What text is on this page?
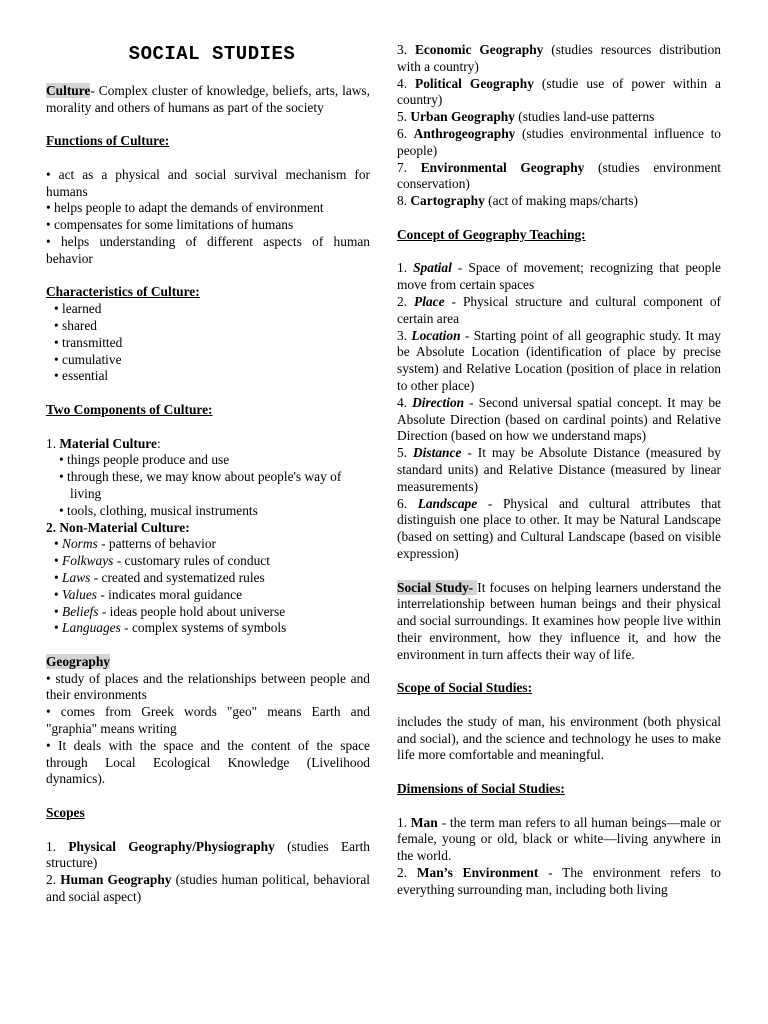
SOCIAL STUDIES

Culture- Complex cluster of knowledge, beliefs, arts, laws, morality and others of humans as part of the society

Functions of Culture:

• act as a physical and social survival mechanism for humans

• helps people to adapt the demands of environment

• compensates for some limitations of humans

• helps understanding of different aspects of human behavior

Characteristics of Culture:

• learned

• shared

• transmitted

• cumulative

• essential

Two Components of Culture:

1. Material Culture:

• things people produce and use

• through these, we may know about people's way of living

• tools, clothing, musical instruments

2. Non-Material Culture:

• Norms - patterns of behavior

• Folkways - customary rules of conduct

• Laws - created and systematized rules

• Values - indicates moral guidance

• Beliefs - ideas people hold about universe

• Languages - complex systems of symbols

Geography

• study of places and the relationships between people and their environments

• comes from Greek words "geo" means Earth and "graphia" means writing

• It deals with the space and the content of the space through Local Ecological Knowledge (Livelihood dynamics).

Scopes

1. Physical Geography/Physiography (studies Earth structure)

2. Human Geography (studies human political, behavioral and social aspect)

3. Economic Geography (studies resources distribution with a country)

4. Political Geography (studie use of power within a country)

5. Urban Geography (studies land-use patterns

6. Anthrogeography (studies environmental influence to people)

7. Environmental Geography (studies environment conservation)

8. Cartography (act of making maps/charts)

Concept of Geography Teaching:

1. Spatial - Space of movement; recognizing that people move from certain spaces

2. Place - Physical structure and cultural component of certain area

3. Location - Starting point of all geographic study. It may be Absolute Location (identification of place by precise system) and Relative Location (position of place in relation to other place)

4. Direction - Second universal spatial concept. It may be Absolute Direction (based on cardinal points) and Relative Direction (based on how we understand maps)

5. Distance - It may be Absolute Distance (measured by standard units) and Relative Distance (measured by linear measurements)

6. Landscape - Physical and cultural attributes that distinguish one place to other. It may be Natural Landscape (based on setting) and Cultural Landscape (based on visible expression)

Social Study- It focuses on helping learners understand the interrelationship between human beings and their physical and social surroundings. It examines how people live within their environment, how they influence it, and how the environment in turn affects their way of life.

Scope of Social Studies:

includes the study of man, his environment (both physical and social), and the science and technology he uses to make life more comfortable and meaningful.

Dimensions of Social Studies:

1. Man - the term man refers to all human beings—male or female, young or old, black or white—living anywhere in the world.

2. Man’s Environment - The environment refers to everything surrounding man, including both living
